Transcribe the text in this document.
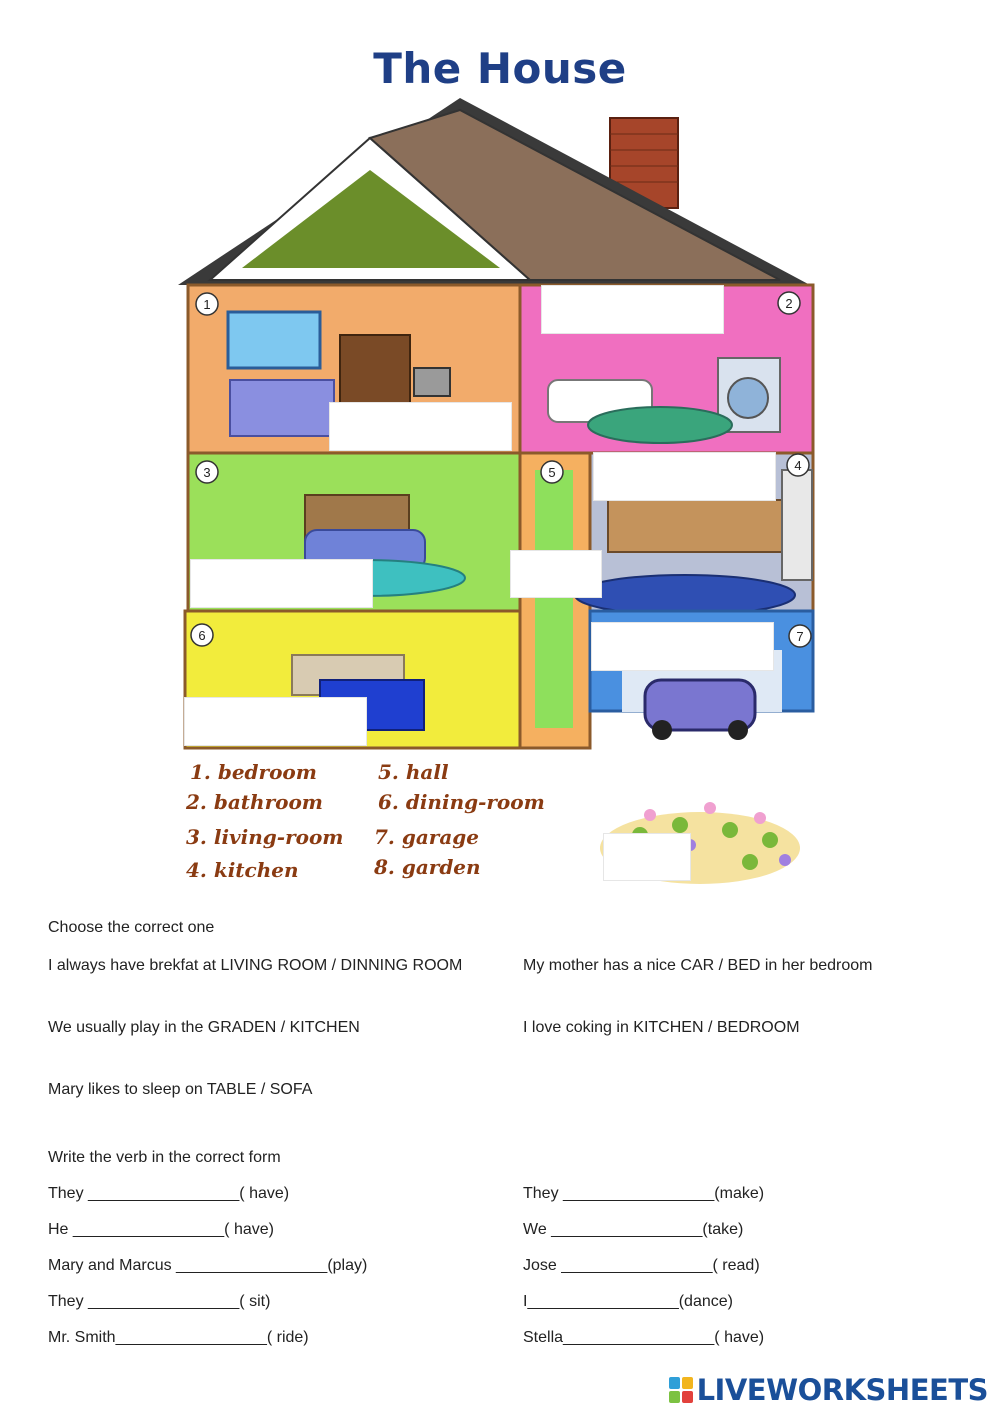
The House
1	2
3	4
5
6	7
1. bedroom
2. bathroom
3. living-room
4. kitchen
5. hall
6. dining-room
7. garage
8. garden
Choose the correct one
I always have brekfat at LIVING ROOM / DINNING ROOM	My mother has a nice CAR / BED in her bedroom
We usually play in the GRADEN / KITCHEN	I love coking in KITCHEN / BEDROOM
Mary likes to sleep on TABLE / SOFA
Write the verb in the correct form
They _________________( have)
He _________________( have)
Mary and Marcus _________________(play)
They _________________( sit)
Mr. Smith_________________( ride)
They _________________(make)
We _________________(take)
Jose _________________( read)
I_________________(dance)
Stella_________________( have)
LIVEWORKSHEETS
